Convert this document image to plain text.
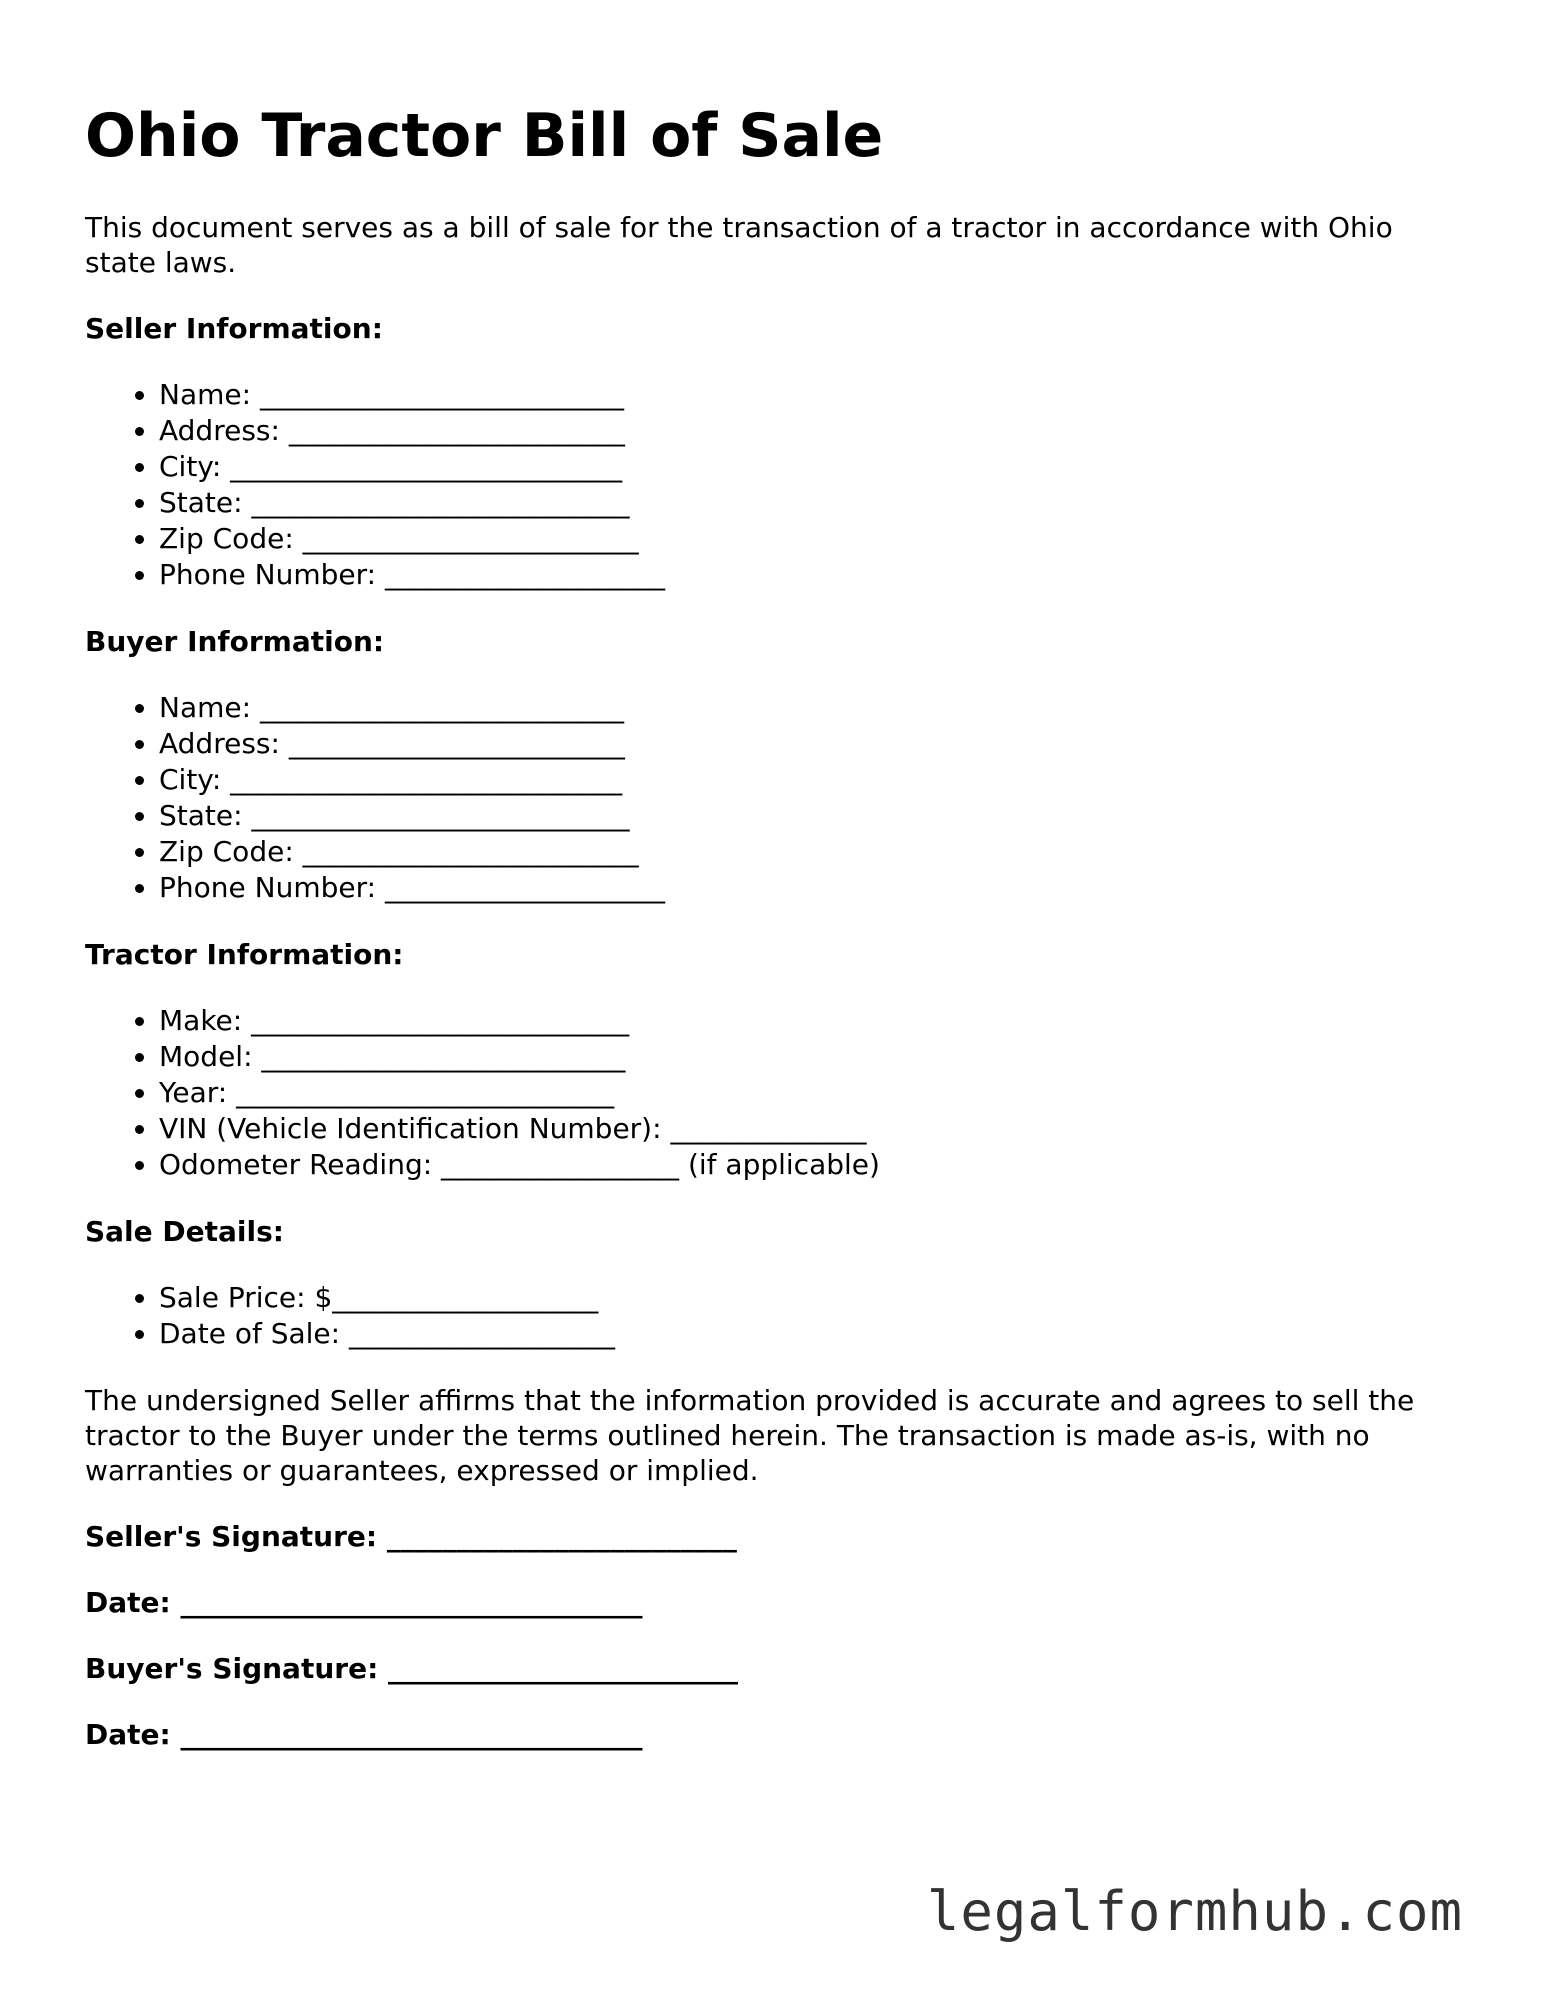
Ohio Tractor Bill of Sale

This document serves as a bill of sale for the transaction of a tractor in accordance with Ohio state laws.

Seller Information:
• Name: __________________________
• Address: ________________________
• City: ____________________________
• State: ___________________________
• Zip Code: ________________________
• Phone Number: ____________________
Buyer Information:
• Name: __________________________
• Address: ________________________
• City: ____________________________
• State: ___________________________
• Zip Code: ________________________
• Phone Number: ____________________
Tractor Information:
• Make: ___________________________
• Model: __________________________
• Year: ___________________________
• VIN (Vehicle Identification Number): ______________
• Odometer Reading: _________________ (if applicable)
Sale Details:
• Sale Price: $___________________
• Date of Sale: ___________________

The undersigned Seller affirms that the information provided is accurate and agrees to sell the tractor to the Buyer under the terms outlined herein. The transaction is made as-is, with no warranties or guarantees, expressed or implied.

Seller's Signature: _________________________
Date: _________________________________
Buyer's Signature: _________________________
Date: _________________________________
legalformhub.com
